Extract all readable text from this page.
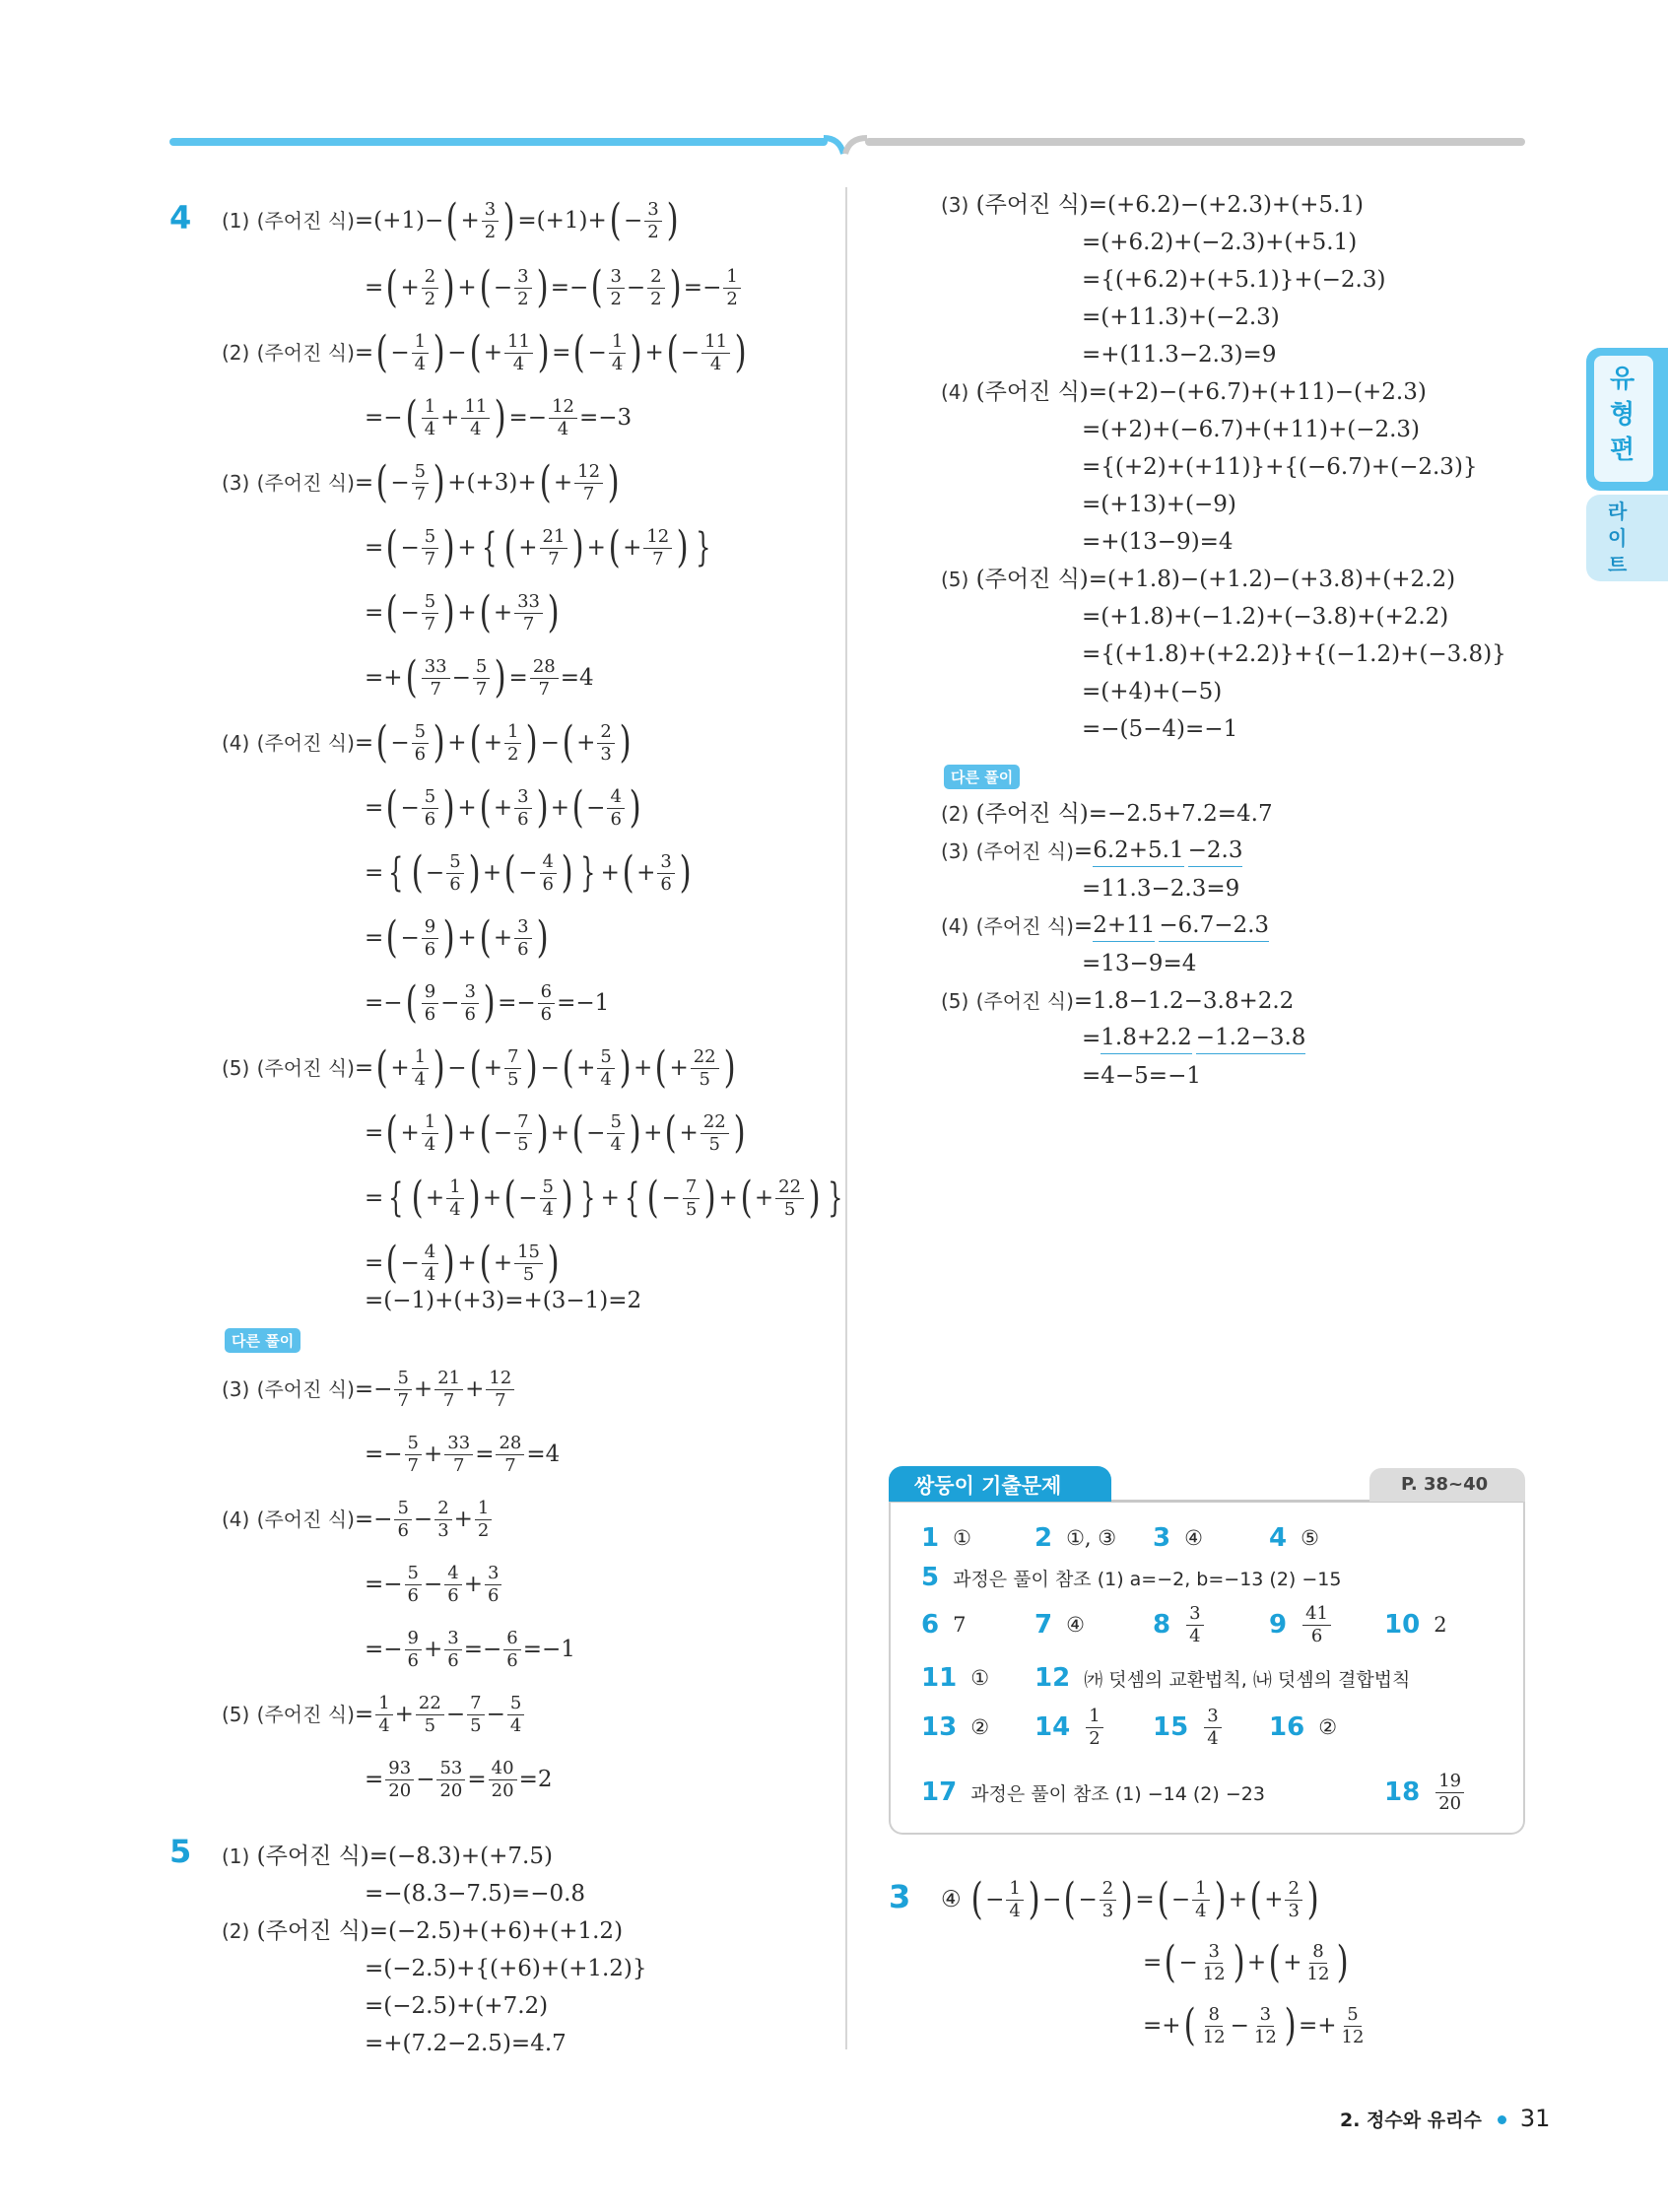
유형편
라이트
4 (1)
(주어진 식) =(+1)− ( + $\frac{3}{2}$ ) =(+1)+ ( − $\frac{3}{2}$ )
= ( + $\frac{2}{2}$ ) + ( − $\frac{3}{2}$ ) =− ( $\frac{3}{2} - \frac{2}{2}$ ) =− $\frac{1}{2}$
(2)
(주어진 식) = ( − $\frac{1}{4}$ ) − ( + $\frac{11}{4}$ ) = ( − $\frac{1}{4}$ ) + ( − $\frac{11}{4}$ )
=− ( $\frac{1}{4} + \frac{11}{4}$ ) =− $\frac{12}{4} =-3$
(3)
(주어진 식) = ( − $\frac{5}{7}$ ) +(+3)+ ( + $\frac{12}{7}$ )
= ( − $\frac{5}{7}$ ) + { ( + $\frac{21}{7}$ ) + ( + $\frac{12}{7}$ ) }
= ( − $\frac{5}{7}$ ) + ( + $\frac{33}{7}$ )
=+ ( $\frac{33}{7} - \frac{5}{7}$ ) = $\frac{28}{7} =4$
(4)
(주어진 식) = ( − $\frac{5}{6}$ ) + ( + $\frac{1}{2}$ ) − ( + $\frac{2}{3}$ )
= ( − $\frac{5}{6}$ ) + ( + $\frac{3}{6}$ ) + ( − $\frac{4}{6}$ )
= { ( − $\frac{5}{6}$ ) + ( − $\frac{4}{6}$ ) } + ( + $\frac{3}{6}$ )
= ( − $\frac{9}{6}$ ) + ( + $\frac{3}{6}$ )
=− ( $\frac{9}{6} - \frac{3}{6}$ ) =− $\frac{6}{6} =-1$
(5)
(주어진 식) = ( + $\frac{1}{4}$ ) − ( + $\frac{7}{5}$ ) − ( + $\frac{5}{4}$ ) + ( + $\frac{22}{5}$ )
= ( + $\frac{1}{4}$ ) + ( − $\frac{7}{5}$ ) + ( − $\frac{5}{4}$ ) + ( + $\frac{22}{5}$ )
= { ( + $\frac{1}{4}$ ) + ( − $\frac{5}{4}$ ) } + { ( − $\frac{7}{5}$ ) + ( + $\frac{22}{5}$ ) }
= ( − $\frac{4}{4}$ ) + ( + $\frac{15}{5}$ )
=(−1)+(+3)=+(3−1)=2
다른 풀이
(3)
(주어진 식) =− $\frac{5}{7} + \frac{21}{7} + \frac{12}{7}$
=− $\frac{5}{7} + \frac{33}{7} = \frac{28}{7} =4$
(4)
(주어진 식) =− $\frac{5}{6} - \frac{2}{3} + \frac{1}{2}$
=− $\frac{5}{6} - \frac{4}{6} + \frac{3}{6}$
=− $\frac{9}{6} + \frac{3}{6} =- \frac{6}{6} =-1$
(5)
(주어진 식) = $\frac{1}{4} + \frac{22}{5} - \frac{7}{5} - \frac{5}{4}$
= $\frac{93}{20} - \frac{53}{20} = \frac{40}{20} =2$
5 (1)
(주어진 식)=(−8.3)+(+7.5)
=−(8.3−7.5)=−0.8
(2)
(주어진 식)=(−2.5)+(+6)+(+1.2)
=(−2.5)+{(+6)+(+1.2)}
=(−2.5)+(+7.2)
=+(7.2−2.5)=4.7
(3)
(주어진 식)=(+6.2)−(+2.3)+(+5.1)
=(+6.2)+(−2.3)+(+5.1)
={(+6.2)+(+5.1)}+(−2.3)
=(+11.3)+(−2.3)
=+(11.3−2.3)=9
(4)
(주어진 식)=(+2)−(+6.7)+(+11)−(+2.3)
=(+2)+(−6.7)+(+11)+(−2.3)
={(+2)+(+11)}+{(−6.7)+(−2.3)}
=(+13)+(−9)
=+(13−9)=4
(5)
(주어진 식)=(+1.8)−(+1.2)−(+3.8)+(+2.2)
=(+1.8)+(−1.2)+(−3.8)+(+2.2)
={(+1.8)+(+2.2)}+{(−1.2)+(−3.8)}
=(+4)+(−5)
=−(5−4)=−1
다른 풀이
(2)
(주어진 식)=−2.5+7.2=4.7
(3)
(주어진 식) = 6.2+5.1 −2.3
=11.3−2.3=9
(4)
(주어진 식) = 2+11 −6.7−2.3
=13−9=4
(5)
(주어진 식) =1.8−1.2−3.8+2.2
= 1.8+2.2 −1.2−3.8
=4−5=−1
쌍둥이 기출문제	P. 38~40
1 ① 2 ①, ③ 3 ④	4 ⑤
5 과정은 풀이 참조 (1) a=−2, b=−13 (2) −15
6 7	7 ④	$8 \frac{3}{4}$	$9 \frac{41}{6} 10$ 2
11 ① 12 ㈎ 덧셈의 교환법칙, ㈏ 덧셈의 결합법칙
13 ② $14 \frac{1}{2} 15 \frac{3}{4} 16$ ②
17 과정은 풀이 참조 (1) −14 (2) −23	$18 \frac{19}{20}$
3 ④
( − $\frac{1}{4}$ ) − ( − $\frac{2}{3}$ ) = ( − $\frac{1}{4}$ ) + ( + $\frac{2}{3}$ )
= ( − $\frac{3}{12}$ ) + ( + $\frac{8}{12}$ )
=+ ( $\frac{8}{12} - \frac{3}{12}$ ) =+ $\frac{5}{12}$
2. 정수와 유리수 31
